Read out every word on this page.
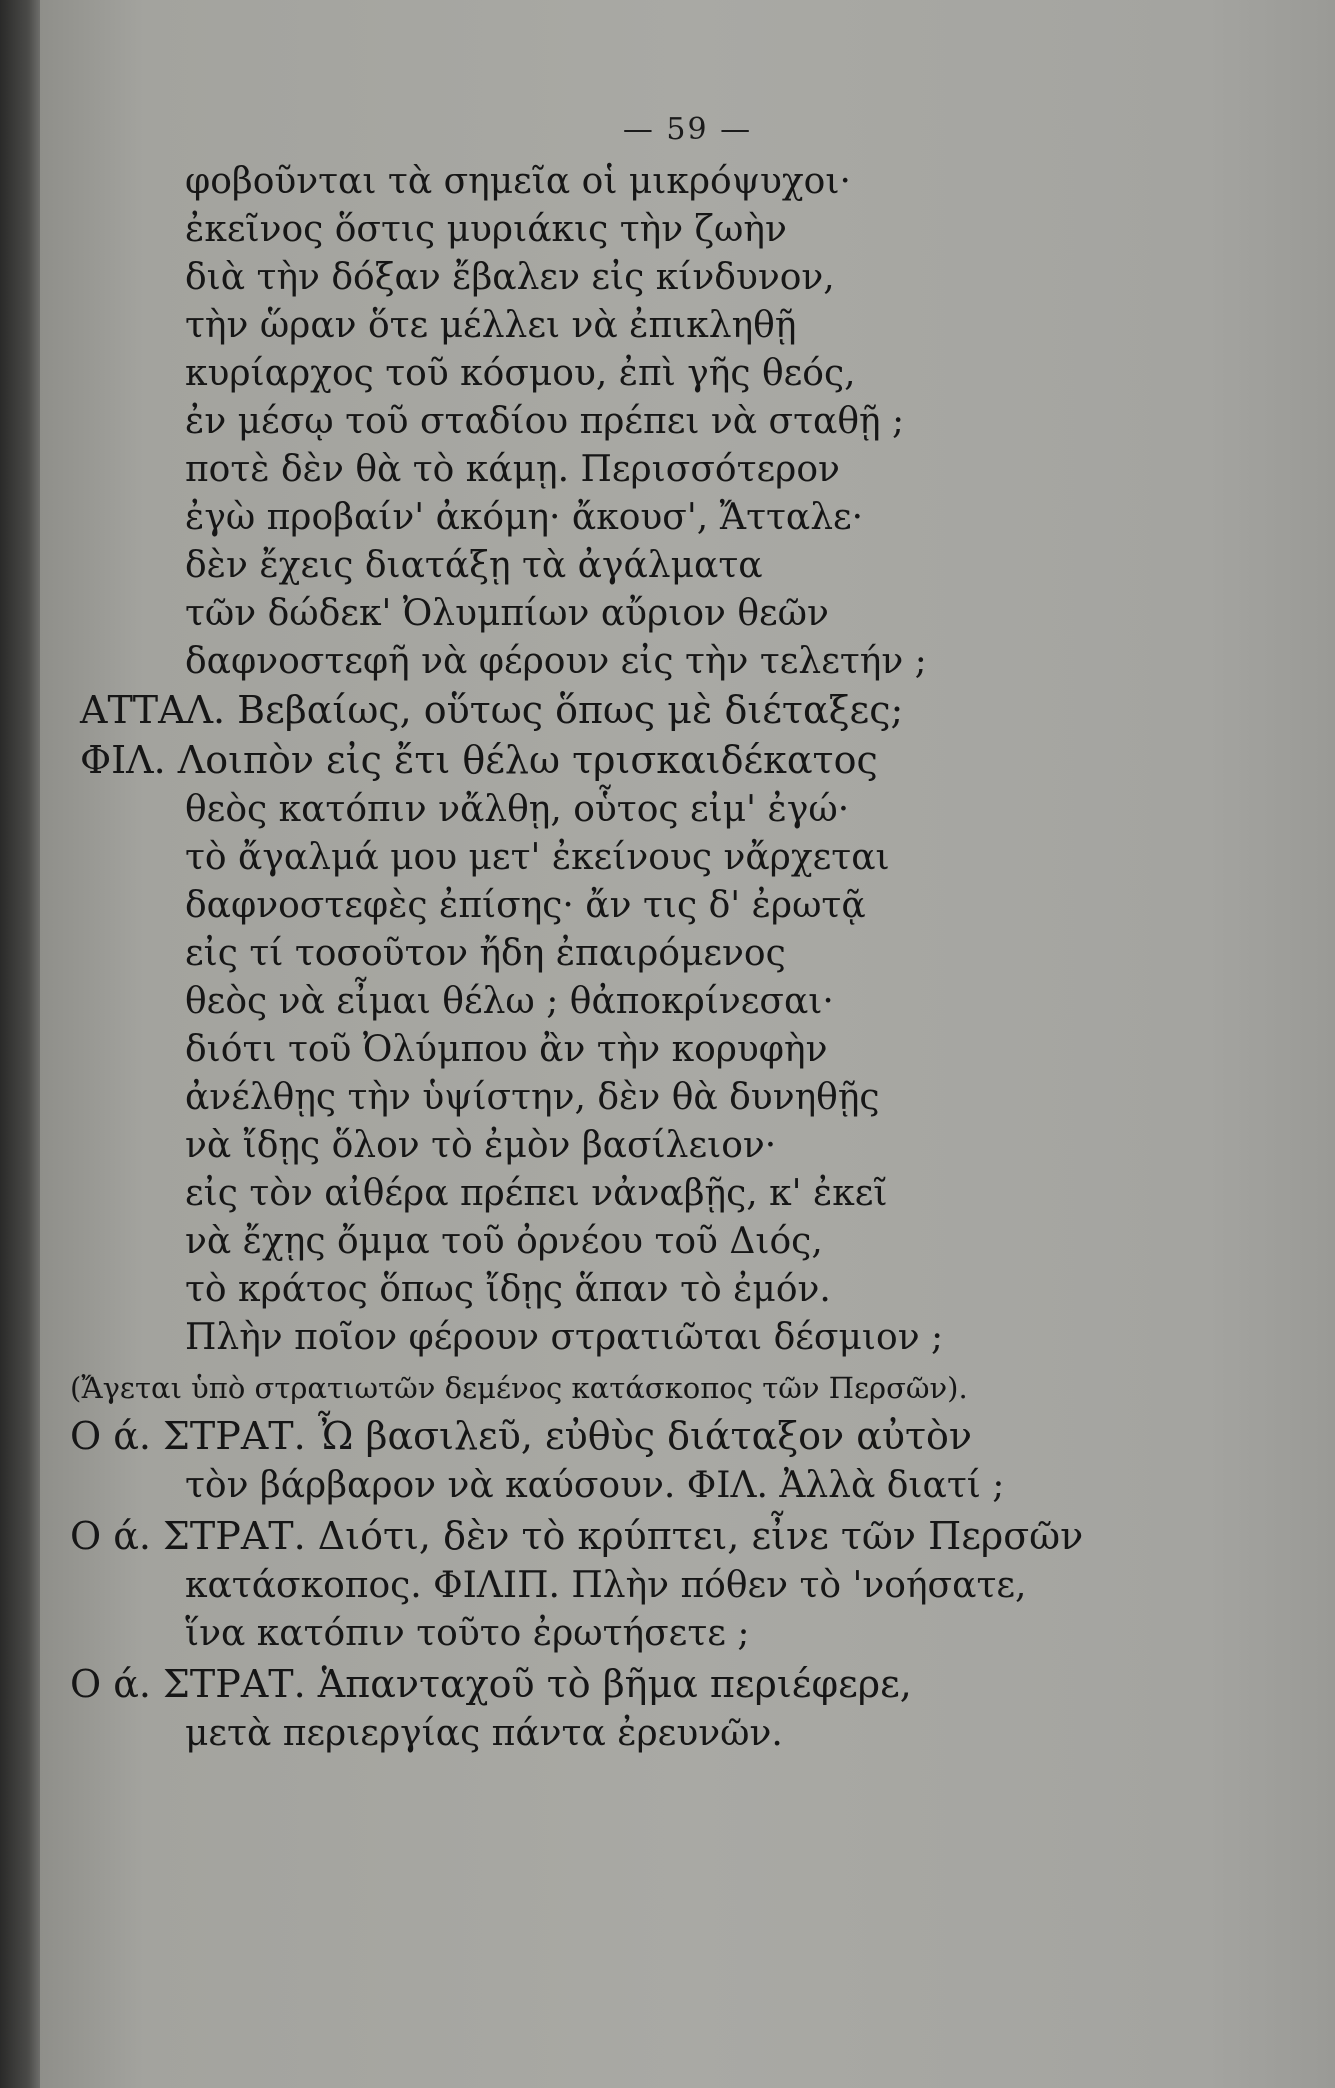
— 59 —
φοβοῦνται τὰ σημεῖα οἱ μικρόψυχοι·
ἐκεῖνος ὅστις μυριάκις τὴν ζωὴν
διὰ τὴν δόξαν ἔβαλεν εἰς κίνδυνον,
τὴν ὥραν ὅτε μέλλει νὰ ἐπικληθῇ
κυρίαρχος τοῦ κόσμου, ἐπὶ γῆς θεός,
ἐν μέσῳ τοῦ σταδίου πρέπει νὰ σταθῇ ;
ποτὲ δὲν θὰ τὸ κάμῃ. Περισσότερον
ἐγὼ προβαίν' ἀκόμη· ἄκουσ', Ἄτταλε·
δὲν ἔχεις διατάξῃ τὰ ἀγάλματα
τῶν δώδεκ' Ὀλυμπίων αὔριον θεῶν
δαφνοστεφῆ νὰ φέρουν εἰς τὴν τελετήν ;
ΑΤΤΑΛ. Βεβαίως, οὕτως ὅπως μὲ διέταξες;
ΦΙΛ. Λοιπὸν εἰς ἔτι θέλω τρισκαιδέκατος
θεὸς κατόπιν νἄλθῃ, οὗτος εἰμ' ἐγώ·
τὸ ἄγαλμά μου μετ' ἐκείνους νἄρχεται
δαφνοστεφὲς ἐπίσης· ἄν τις δ' ἐρωτᾷ
εἰς τί τοσοῦτον ἤδη ἐπαιρόμενος
θεὸς νὰ εἶμαι θέλω ; θἀποκρίνεσαι·
διότι τοῦ Ὀλύμπου ἂν τὴν κορυφὴν
ἀνέλθῃς τὴν ὑψίστην, δὲν θὰ δυνηθῇς
νὰ ἴδῃς ὅλον τὸ ἐμὸν βασίλειον·
εἰς τὸν αἰθέρα πρέπει νἀναβῇς, κ' ἐκεῖ
νὰ ἔχῃς ὄμμα τοῦ ὀρνέου τοῦ Διός,
τὸ κράτος ὅπως ἴδῃς ἅπαν τὸ ἐμόν.
Πλὴν ποῖον φέρουν στρατιῶται δέσμιον ;
(Ἄγεται ὑπὸ στρατιωτῶν δεμένος κατάσκοπος τῶν Περσῶν).
Ο ά. ΣΤΡΑΤ. Ὦ βασιλεῦ, εὐθὺς διάταξον αὐτὸν
τὸν βάρβαρον νὰ καύσουν. ΦΙΛ. Ἀλλὰ διατί ;
Ο ά. ΣΤΡΑΤ. Διότι, δὲν τὸ κρύπτει, εἶνε τῶν Περσῶν
κατάσκοπος. ΦΙΛΙΠ. Πλὴν πόθεν τὸ 'νοήσατε,
ἵνα κατόπιν τοῦτο ἐρωτήσετε ;
Ο ά. ΣΤΡΑΤ. Ἁπανταχοῦ τὸ βῆμα περιέφερε,
μετὰ περιεργίας πάντα ἐρευνῶν.
